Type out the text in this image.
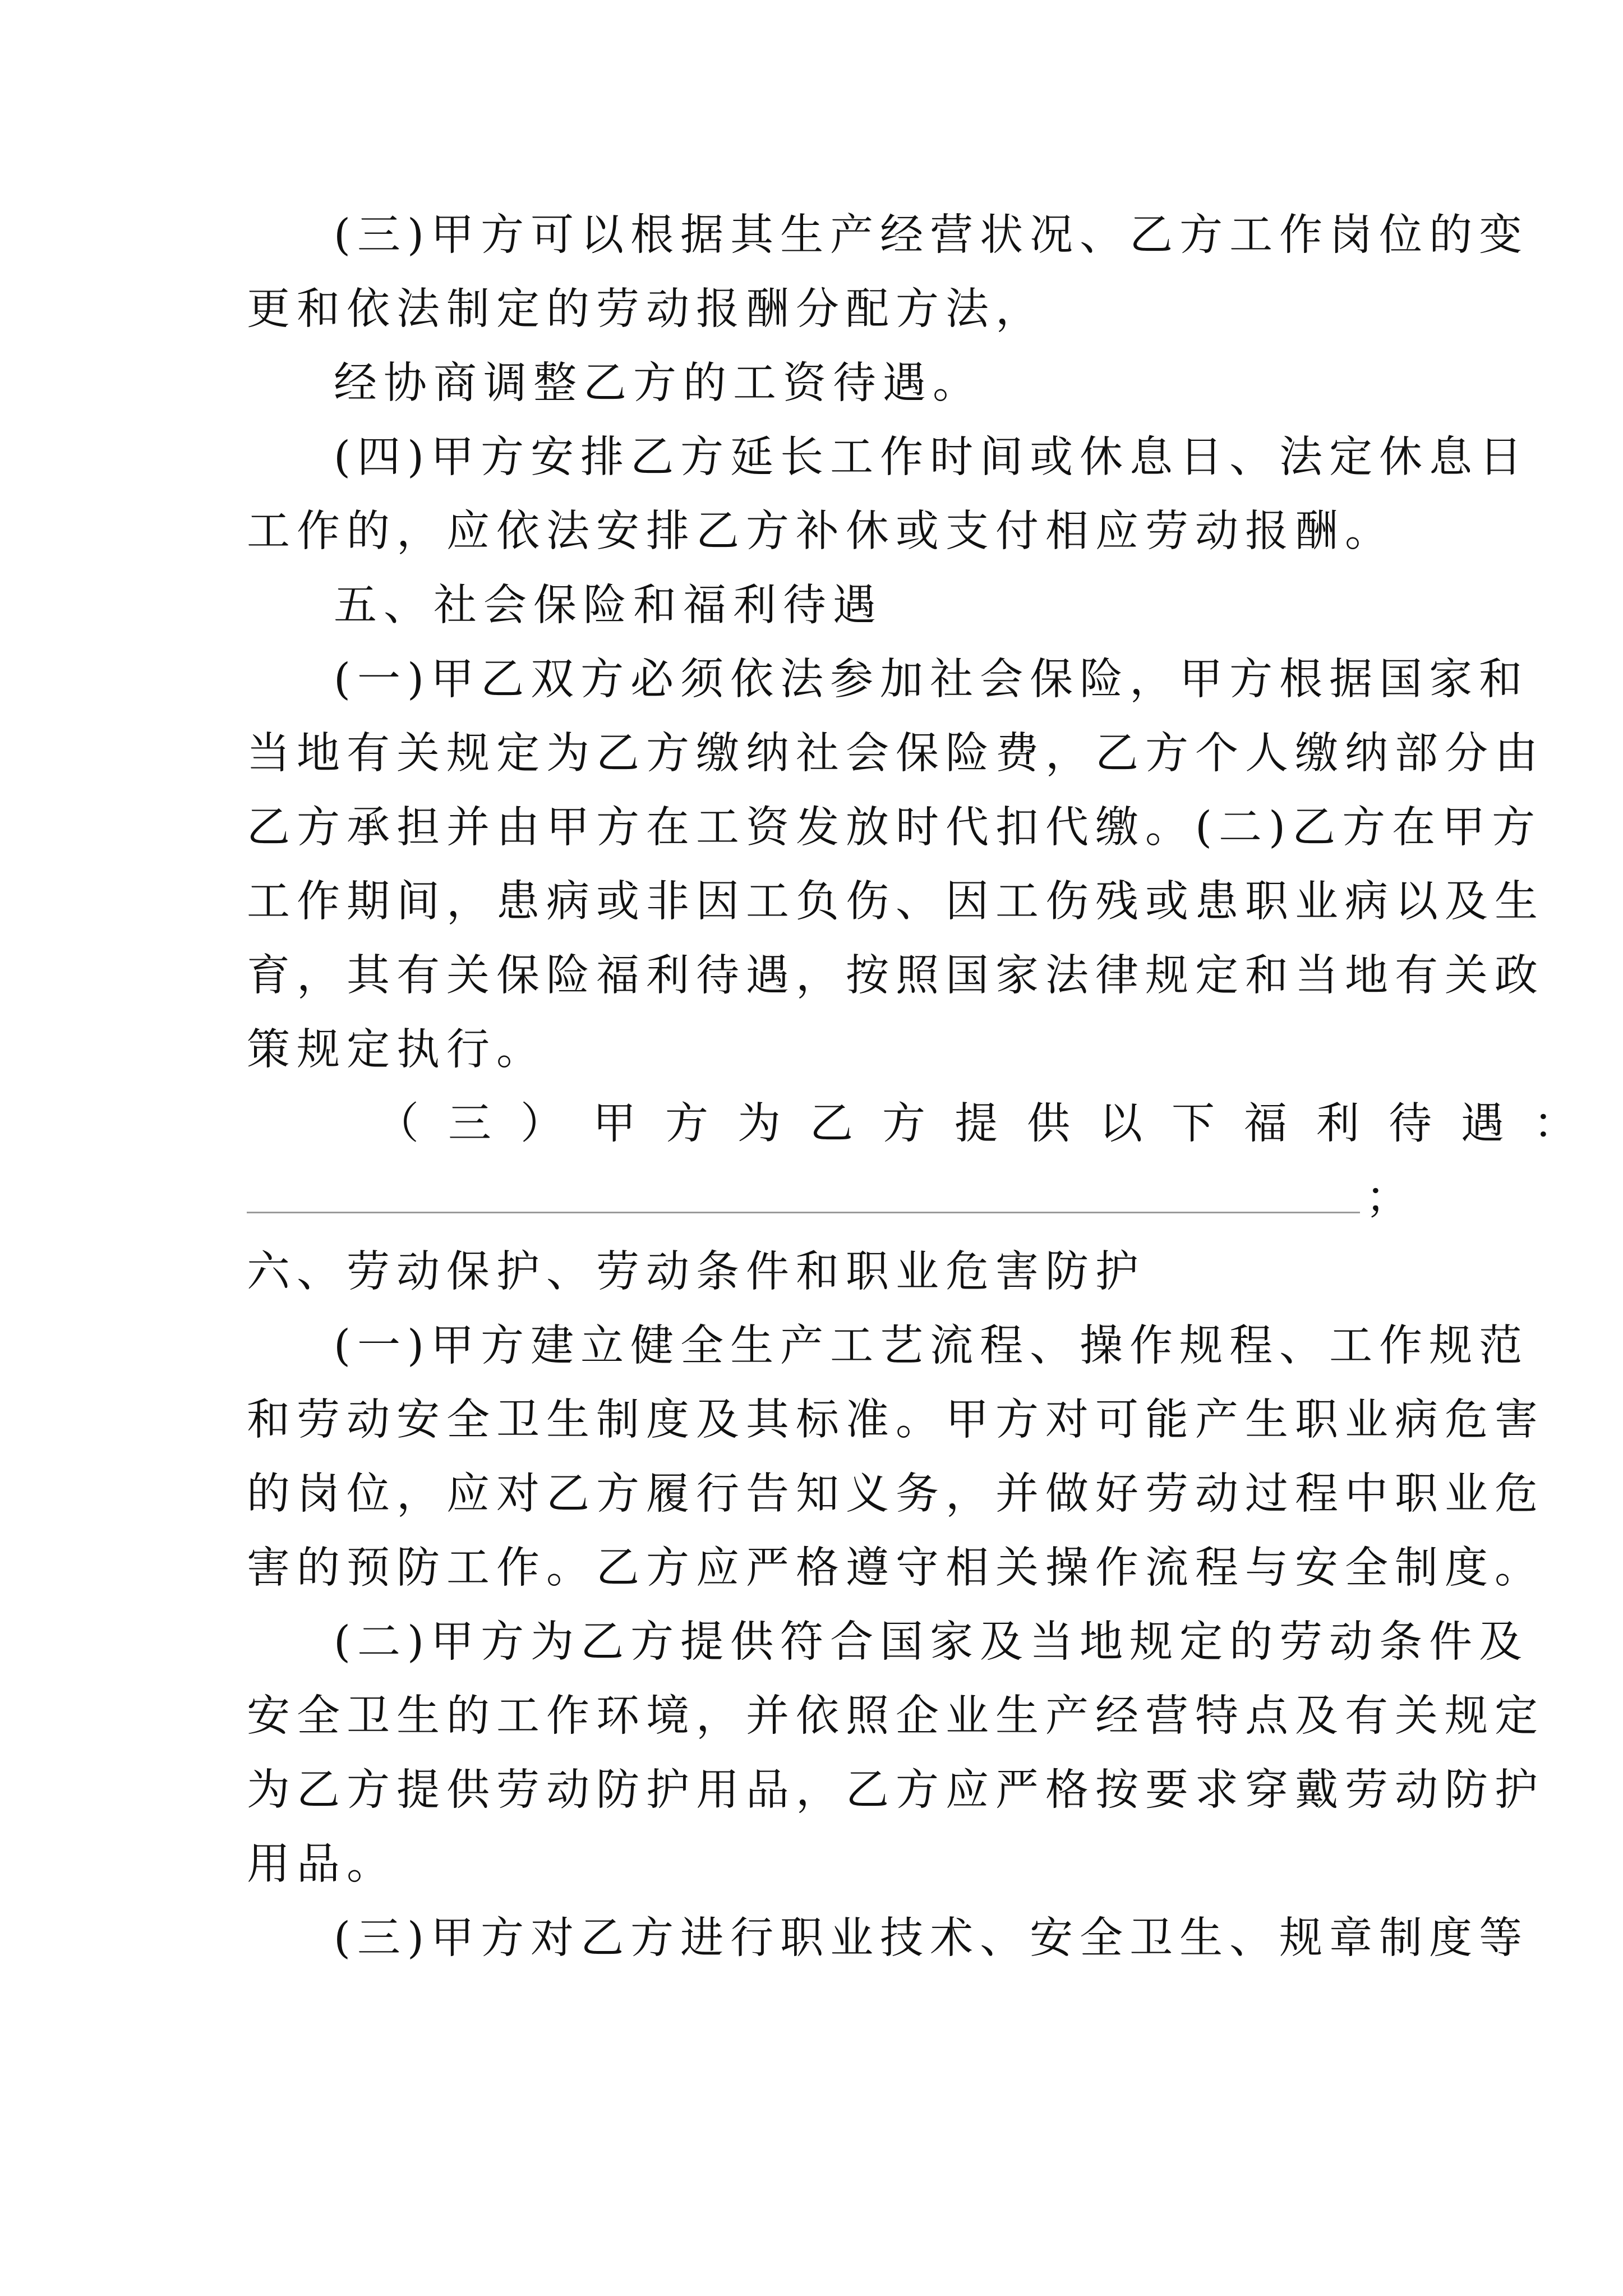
(三)甲方可以根据其生产经营状况、乙方工作岗位的变
更和依法制定的劳动报酬分配方法，
经协商调整乙方的工资待遇。
(四)甲方安排乙方延长工作时间或休息日、法定休息日
工作的，应依法安排乙方补休或支付相应劳动报酬。
五、社会保险和福利待遇
(一)甲乙双方必须依法参加社会保险，甲方根据国家和
当地有关规定为乙方缴纳社会保险费，乙方个人缴纳部分由
乙方承担并由甲方在工资发放时代扣代缴。(二)乙方在甲方
工作期间，患病或非因工负伤、因工伤残或患职业病以及生
育，其有关保险福利待遇，按照国家法律规定和当地有关政
策规定执行。
（三）甲方为乙方提供以下福利待遇：
；
六、劳动保护、劳动条件和职业危害防护
(一)甲方建立健全生产工艺流程、操作规程、工作规范
和劳动安全卫生制度及其标准。甲方对可能产生职业病危害
的岗位，应对乙方履行告知义务，并做好劳动过程中职业危
害的预防工作。乙方应严格遵守相关操作流程与安全制度。
(二)甲方为乙方提供符合国家及当地规定的劳动条件及
安全卫生的工作环境，并依照企业生产经营特点及有关规定
为乙方提供劳动防护用品，乙方应严格按要求穿戴劳动防护
用品。
(三)甲方对乙方进行职业技术、安全卫生、规章制度等
